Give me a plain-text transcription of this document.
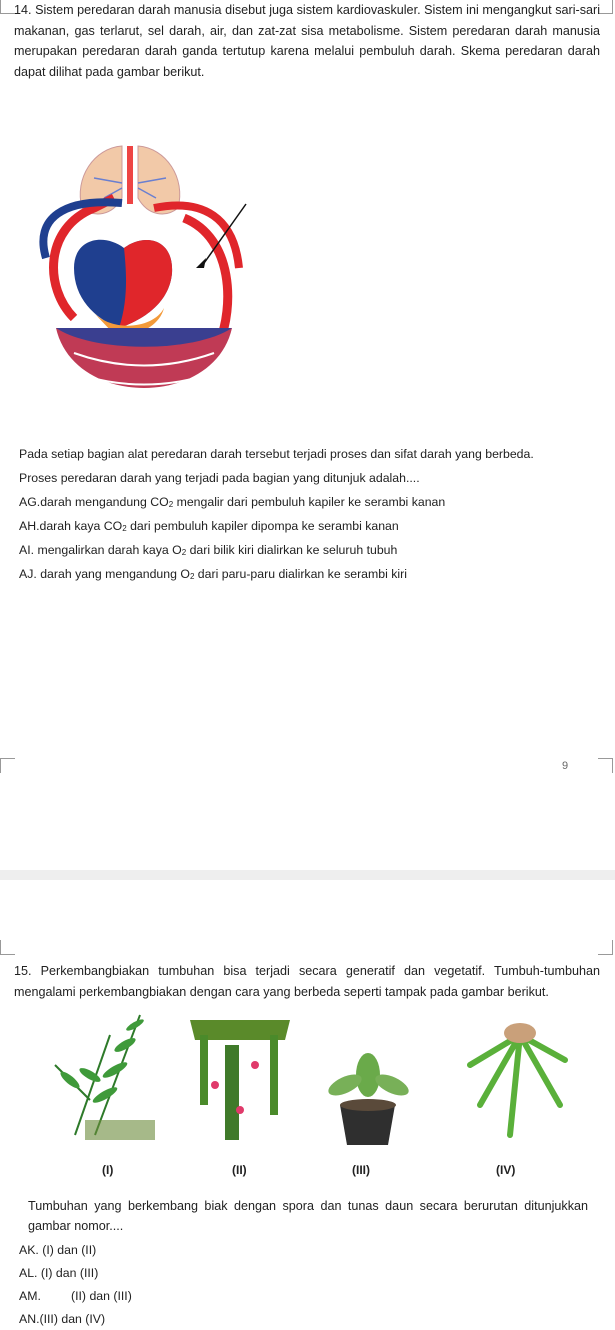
14. Sistem peredaran darah manusia disebut juga sistem kardiovaskuler. Sistem ini mengangkut sari-sari makanan, gas terlarut, sel darah, air, dan zat-zat sisa metabolisme. Sistem peredaran darah manusia merupakan peredaran darah ganda tertutup karena melalui pembuluh darah. Skema peredaran darah dapat dilihat pada gambar berikut.
Pada setiap bagian alat peredaran darah tersebut terjadi proses dan sifat darah yang berbeda.
Proses peredaran darah yang terjadi pada bagian yang ditunjuk adalah....
AG.darah mengandung $CO_2$ mengalir dari pembuluh kapiler ke serambi kanan
AH.darah kaya $CO_2$ dari pembuluh kapiler dipompa ke serambi kanan
AI. mengalirkan darah kaya $O_2$ dari bilik kiri dialirkan ke seluruh tubuh
AJ. darah yang mengandung $O_2$ dari paru-paru dialirkan ke serambi kiri
9
15. Perkembangbiakan tumbuhan bisa terjadi secara generatif dan vegetatif. Tumbuh-tumbuhan mengalami perkembangbiakan dengan cara yang berbeda seperti tampak pada gambar berikut.
(I)	(II)	(III)	(IV)
Tumbuhan yang berkembang biak dengan spora dan tunas daun secara berurutan ditunjukkan gambar nomor....
AK. (I) dan (II)
AL. (I) dan (III)
AM. (II) dan (III)
AN.(III) dan (IV)
